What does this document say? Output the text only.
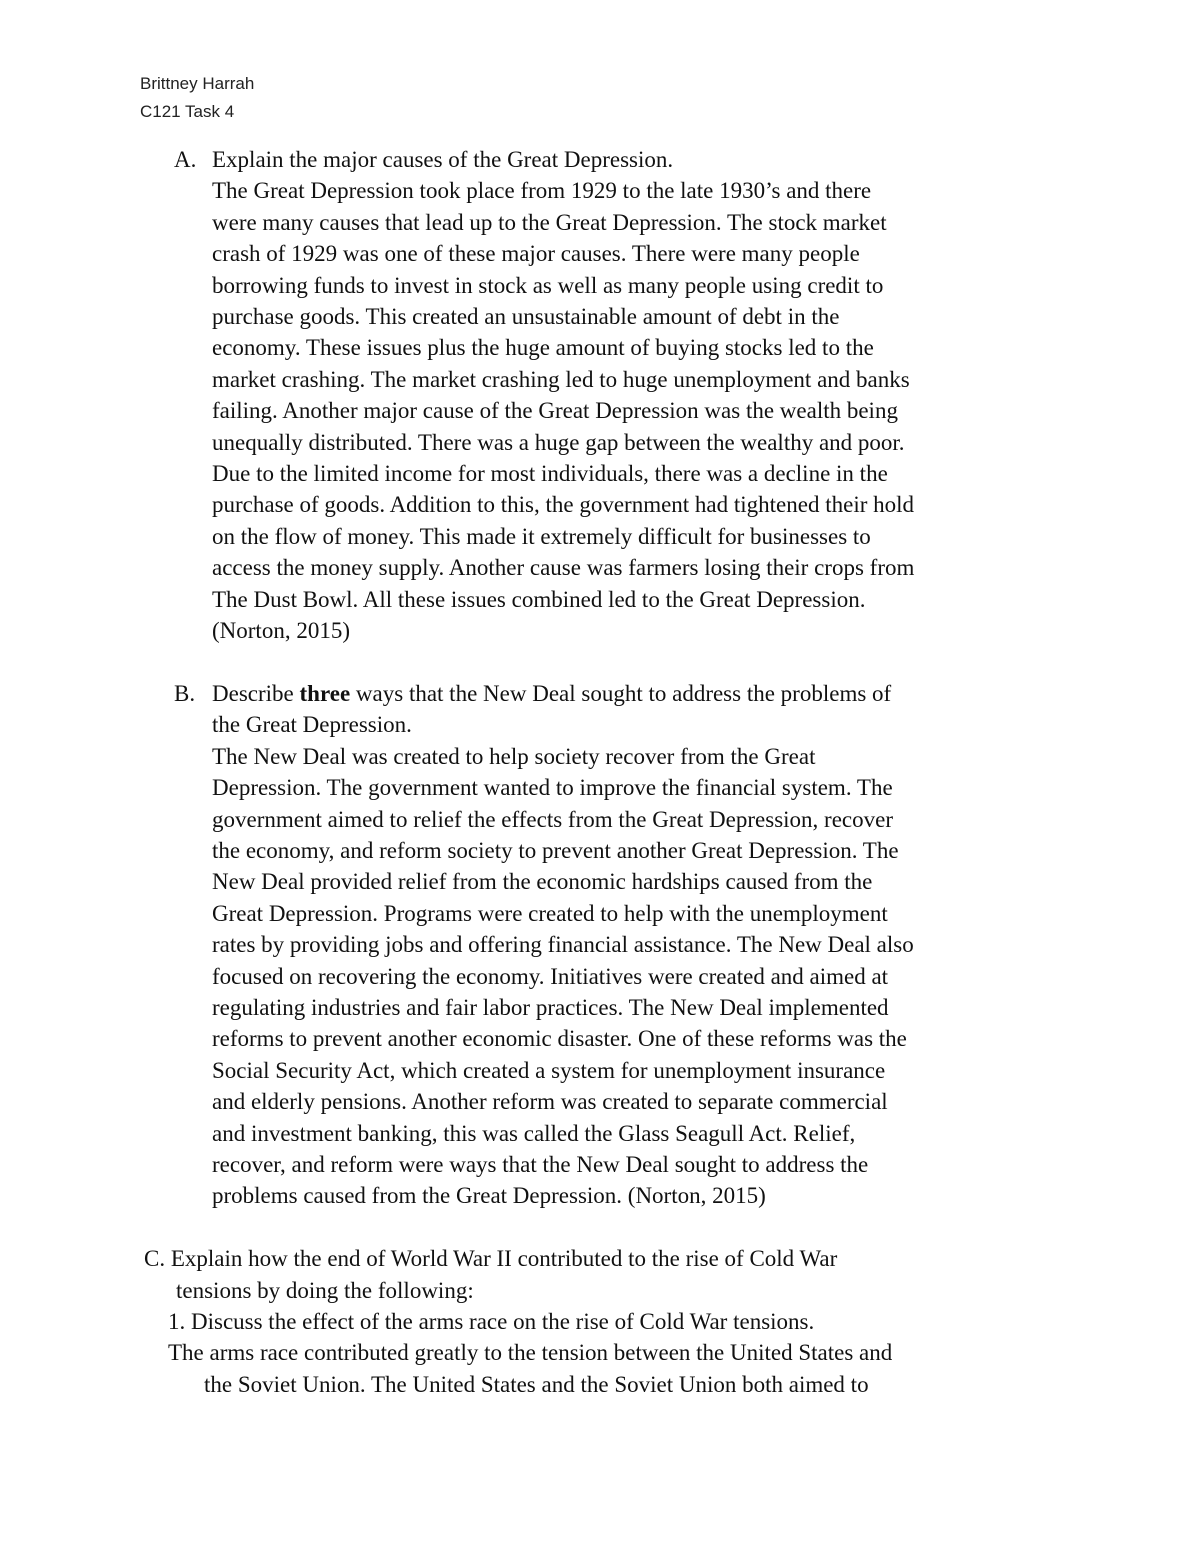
Brittney Harrah
C121 Task 4
A. Explain the major causes of the Great Depression.
The Great Depression took place from 1929 to the late 1930’s and there
were many causes that lead up to the Great Depression. The stock market
crash of 1929 was one of these major causes. There were many people
borrowing funds to invest in stock as well as many people using credit to
purchase goods. This created an unsustainable amount of debt in the
economy. These issues plus the huge amount of buying stocks led to the
market crashing. The market crashing led to huge unemployment and banks
failing. Another major cause of the Great Depression was the wealth being
unequally distributed. There was a huge gap between the wealthy and poor.
Due to the limited income for most individuals, there was a decline in the
purchase of goods. Addition to this, the government had tightened their hold
on the flow of money. This made it extremely difficult for businesses to
access the money supply. Another cause was farmers losing their crops from
The Dust Bowl. All these issues combined led to the Great Depression.
(Norton, 2015)
B. Describe three ways that the New Deal sought to address the problems of
the Great Depression.
The New Deal was created to help society recover from the Great
Depression. The government wanted to improve the financial system. The
government aimed to relief the effects from the Great Depression, recover
the economy, and reform society to prevent another Great Depression. The
New Deal provided relief from the economic hardships caused from the
Great Depression. Programs were created to help with the unemployment
rates by providing jobs and offering financial assistance. The New Deal also
focused on recovering the economy. Initiatives were created and aimed at
regulating industries and fair labor practices. The New Deal implemented
reforms to prevent another economic disaster. One of these reforms was the
Social Security Act, which created a system for unemployment insurance
and elderly pensions. Another reform was created to separate commercial
and investment banking, this was called the Glass Seagull Act. Relief,
recover, and reform were ways that the New Deal sought to address the
problems caused from the Great Depression. (Norton, 2015)
C. Explain how the end of World War II contributed to the rise of Cold War
tensions by doing the following:
1. Discuss the effect of the arms race on the rise of Cold War tensions.
The arms race contributed greatly to the tension between the United States and
the Soviet Union. The United States and the Soviet Union both aimed to
